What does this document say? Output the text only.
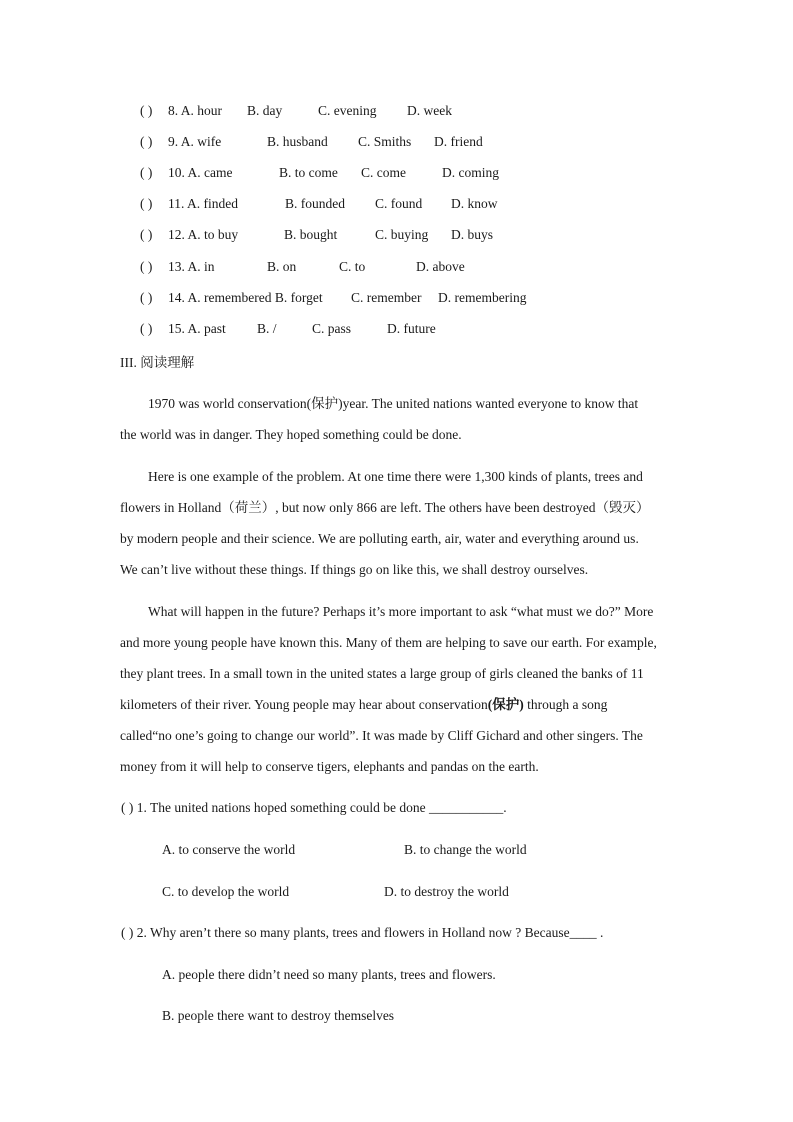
( ) 8. A. hour B. day	C. evening D. week
( ) 9. A. wife	B. husband C. Smiths D. friend
( ) 10. A. came	B. to come C. come	D. coming
( ) 11. A. finded	B. founded C. found D. know
( ) 12. A. to buy	B. bought	C. buying D. buys
( ) 13. A. in	B. on	C. to	D. above
( ) 14. A. remembered B. forget C. remember D. remembering
( ) 15. A. past B. /	C. pass	D. future
III. 阅读理解
1970 was world conservation(保护)year. The united nations wanted everyone to know that
the world was in danger. They hoped something could be done.
Here is one example of the problem. At one time there were 1,300 kinds of plants, trees and
flowers in Holland（荷兰）, but now only 866 are left. The others have been destroyed（毁灭）
by modern people and their science. We are polluting earth, air, water and everything around us.
We can’t live without these things. If things go on like this, we shall destroy ourselves.
What will happen in the future? Perhaps it’s more important to ask “what must we do?” More
and more young people have known this. Many of them are helping to save our earth. For example,
they plant trees. In a small town in the united states a large group of girls cleaned the banks of 11
kilometers of their river. Young people may hear about conservation(保护) through a song
called“no one’s going to change our world”. It was made by Cliff Gichard and other singers. The
money from it will help to conserve tigers, elephants and pandas on the earth.
( ) 1. The united nations hoped something could be done ___________.
A. to conserve the world	B. to change the world
C. to develop the world	D. to destroy the world
( ) 2. Why aren’t there so many plants, trees and flowers in Holland now ? Because____ .
A. people there didn’t need so many plants, trees and flowers.
B. people there want to destroy themselves
